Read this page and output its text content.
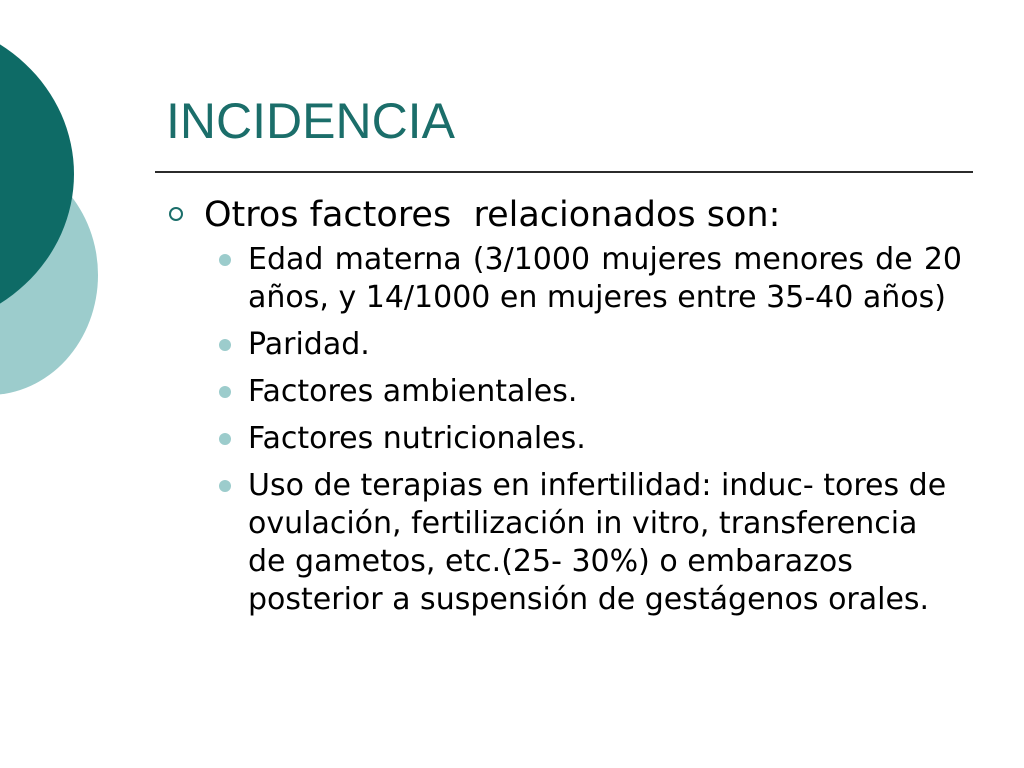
INCIDENCIA
Otros factores  relacionados son:
Edad materna (3/1000 mujeres menores de 20 años, y 14/1000 en mujeres entre 35-40 años)
Paridad.
Factores ambientales.
Factores nutricionales.
Uso de terapias en infertilidad: induc- tores de ovulación, fertilización in vitro, transferencia de gametos, etc.(25- 30%) o embarazos posterior a suspensión de gestágenos orales.
